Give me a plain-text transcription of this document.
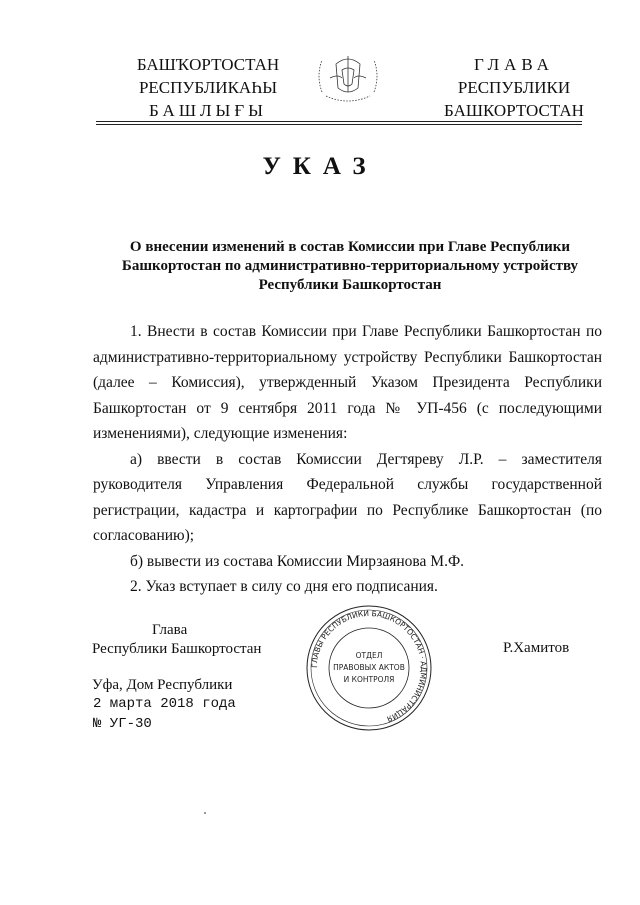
БАШҠОРТОСТАН
РЕСПУБЛИКАҺЫ
БАШЛЫҒЫ
ГЛАВА
РЕСПУБЛИКИ
БАШКОРТОСТАН
УКАЗ
О внесении изменений в состав Комиссии при Главе Республики Башкортостан по административно-территориальному устройству Республики Башкортостан

1. Внести в состав Комиссии при Главе Республики Башкортостан по административно-территориальному устройству Республики Башкортостан (далее – Комиссия), утвержденный Указом Президента Республики Башкортостан от 9 сентября 2011 года № УП-456 (с последующими изменениями), следующие изменения:

а) ввести в состав Комиссии Дегтяреву Л.Р. – заместителя руководителя Управления Федеральной службы государственной регистрации, кадастра и картографии по Республике Башкортостан (по согласованию);

б) вывести из состава Комиссии Мирзаянова М.Ф.

2. Указ вступает в силу со дня его подписания.

Глава
Республики Башкортостан
ГЛАВЫ РЕСПУБЛИКИ БАШКОРТОСТАН · АДМИНИСТРАЦИЯ
ОТДЕЛ
ПРАВОВЫХ АКТОВ
И КОНТРОЛЯ
Р.Хамитов
Уфа, Дом Республики
2 марта 2018 года
№ УГ-30
